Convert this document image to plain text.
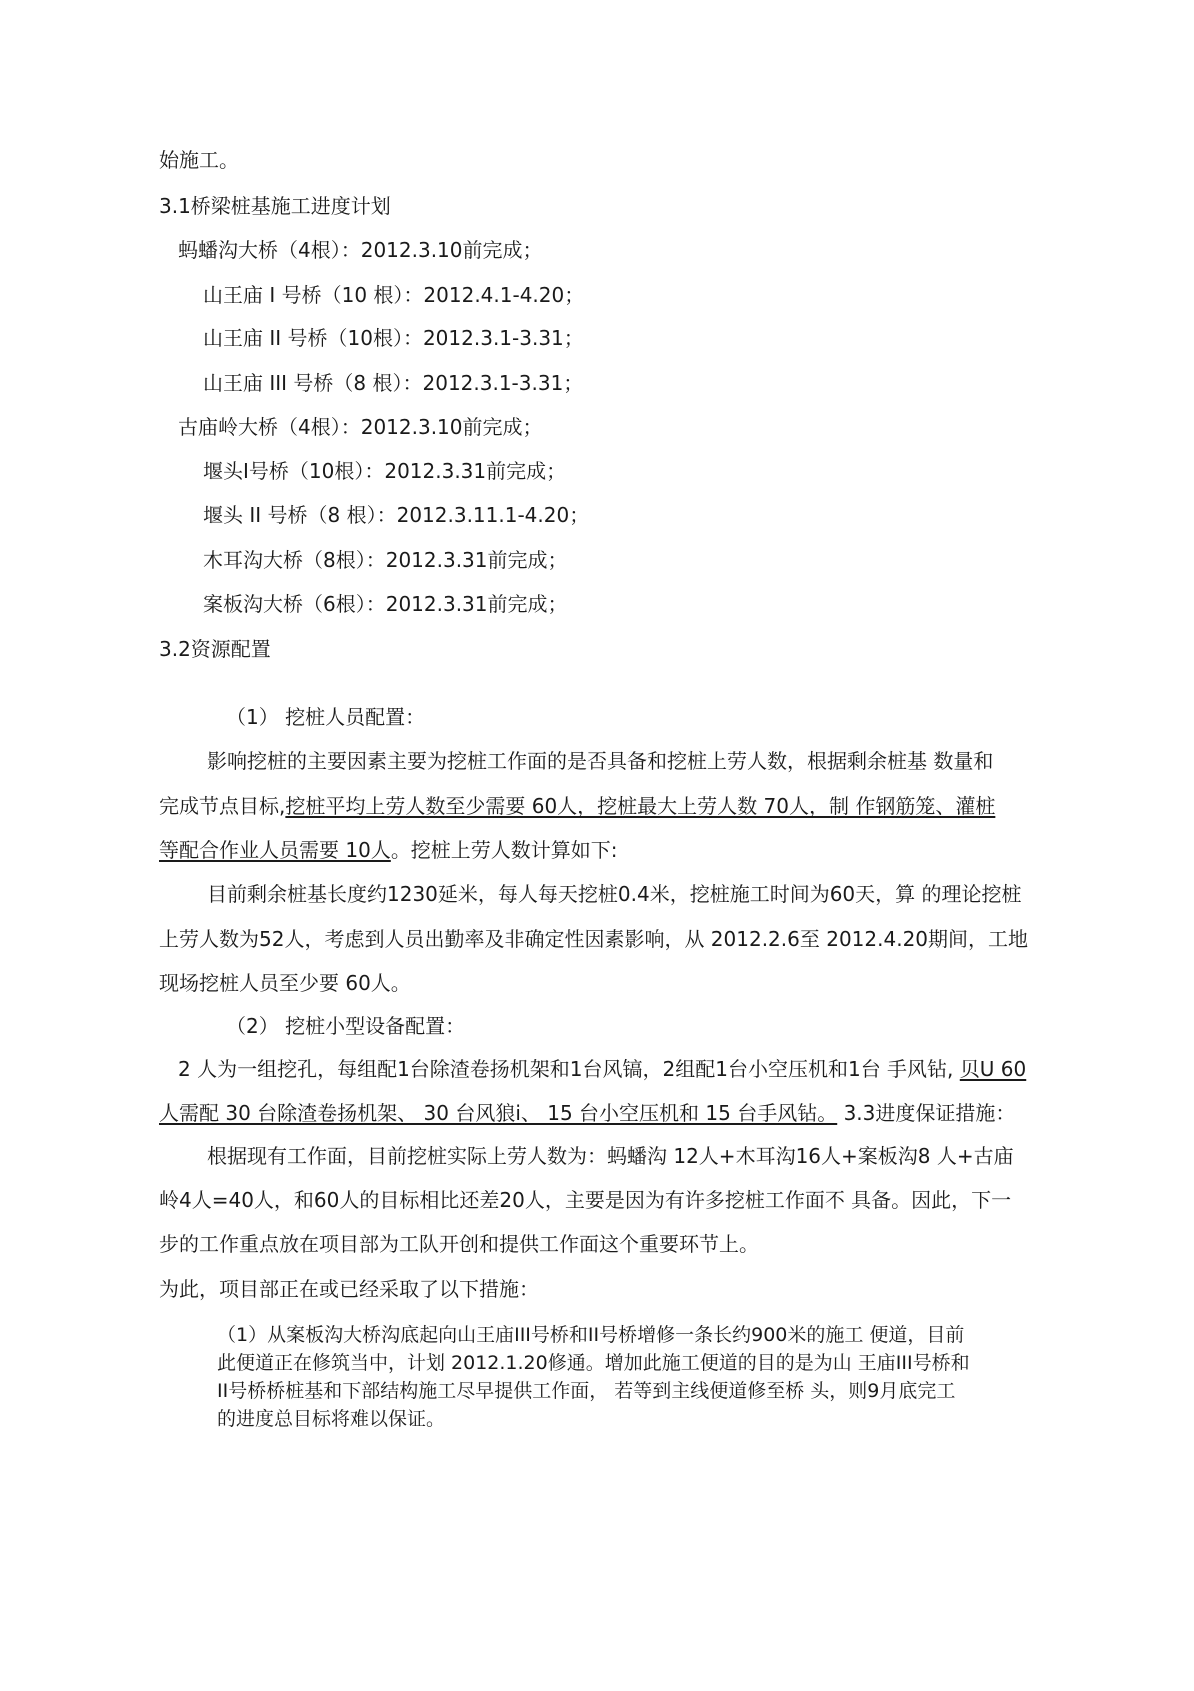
始施工。

3.1桥梁桩基施工进度计划

蚂蟠沟大桥（4根）：2012.3.10前完成；

山王庙 I 号桥（10 根）：2012.4.1-4.20；

山王庙 II 号桥（10根）：2012.3.1-3.31；

山王庙 III 号桥（8 根）：2012.3.1-3.31；

古庙岭大桥（4根）：2012.3.10前完成；

堰头I号桥（10根）：2012.3.31前完成；

堰头 II 号桥（8 根）：2012.3.11.1-4.20；

木耳沟大桥（8根）：2012.3.31前完成；

案板沟大桥（6根）：2012.3.31前完成；

3.2资源配置

（1） 挖桩人员配置：

影响挖桩的主要因素主要为挖桩工作面的是否具备和挖桩上劳人数，根据剩余桩基 数量和

完成节点目标,挖桩平均上劳人数至少需要 60人，挖桩最大上劳人数 70人，制 作钢筋笼、灌桩

等配合作业人员需要 10人。挖桩上劳人数计算如下:

目前剩余桩基长度约1230延米，每人每天挖桩0.4米，挖桩施工时间为60天，算 的理论挖桩

上劳人数为52人，考虑到人员出勤率及非确定性因素影响，从 2012.2.6至 2012.4.20期间，工地

现场挖桩人员至少要 60人。

（2） 挖桩小型设备配置：

2 人为一组挖孔，每组配1台除渣卷扬机架和1台风镐，2组配1台小空压机和1台 手风钻, 贝U 60

人需配 30 台除渣卷扬机架、 30 台风狼i、 15 台小空压机和 15 台手风钻。 3.3进度保证措施：

根据现有工作面，目前挖桩实际上劳人数为：蚂蟠沟 12人+木耳沟16人+案板沟8 人+古庙

岭4人=40人，和60人的目标相比还差20人，主要是因为有许多挖桩工作面不 具备。因此，下一

步的工作重点放在项目部为工队开创和提供工作面这个重要环节上。

为此，项目部正在或已经采取了以下措施：

（1）从案板沟大桥沟底起向山王庙III号桥和II号桥增修一条长约900米的施工 便道，目前

此便道正在修筑当中，计划 2012.1.20修通。增加此施工便道的目的是为山 王庙III号桥和

II号桥桥桩基和下部结构施工尽早提供工作面， 若等到主线便道修至桥 头，则9月底完工

的进度总目标将难以保证。
